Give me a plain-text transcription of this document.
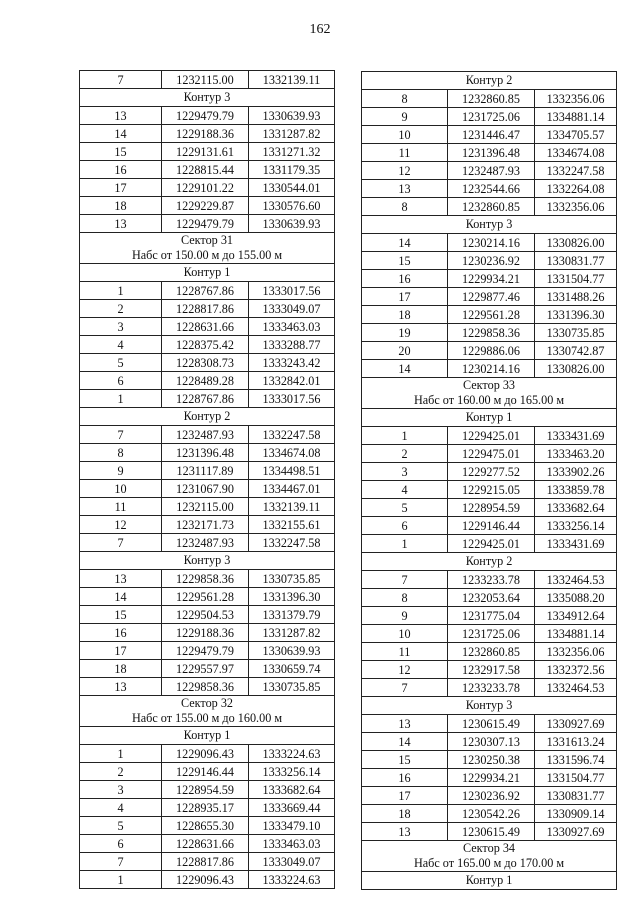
162
7	1232115.00	1332139.11

Контур 3		

13	1229479.79	1330639.93
14	1229188.36	1331287.82
15	1229131.61	1331271.32
16	1228815.44	1331179.35
17	1229101.22	1330544.01
18	1229229.87	1330576.60
13	1229479.79	1330639.93

Сектор 31
Набс от 150.00 м до 155.00 м		

Контур 1		

1	1228767.86	1333017.56
2	1228817.86	1333049.07
3	1228631.66	1333463.03
4	1228375.42	1333288.77
5	1228308.73	1333243.42
6	1228489.28	1332842.01
1	1228767.86	1333017.56

Контур 2		

7	1232487.93	1332247.58
8	1231396.48	1334674.08
9	1231117.89	1334498.51
10	1231067.90	1334467.01
11	1232115.00	1332139.11
12	1232171.73	1332155.61
7	1232487.93	1332247.58

Контур 3		

13	1229858.36	1330735.85
14	1229561.28	1331396.30
15	1229504.53	1331379.79
16	1229188.36	1331287.82
17	1229479.79	1330639.93
18	1229557.97	1330659.74
13	1229858.36	1330735.85

Сектор 32
Набс от 155.00 м до 160.00 м		

Контур 1		

1	1229096.43	1333224.63
2	1229146.44	1333256.14
3	1228954.59	1333682.64
4	1228935.17	1333669.44
5	1228655.30	1333479.10
6	1228631.66	1333463.03
7	1228817.86	1333049.07
1	1229096.43	1333224.63
Контур 2		

8	1232860.85	1332356.06
9	1231725.06	1334881.14
10	1231446.47	1334705.57
11	1231396.48	1334674.08
12	1232487.93	1332247.58
13	1232544.66	1332264.08
8	1232860.85	1332356.06

Контур 3		

14	1230214.16	1330826.00
15	1230236.92	1330831.77
16	1229934.21	1331504.77
17	1229877.46	1331488.26
18	1229561.28	1331396.30
19	1229858.36	1330735.85
20	1229886.06	1330742.87
14	1230214.16	1330826.00

Сектор 33
Набс от 160.00 м до 165.00 м		

Контур 1		

1	1229425.01	1333431.69
2	1229475.01	1333463.20
3	1229277.52	1333902.26
4	1229215.05	1333859.78
5	1228954.59	1333682.64
6	1229146.44	1333256.14
1	1229425.01	1333431.69

Контур 2		

7	1233233.78	1332464.53
8	1232053.64	1335088.20
9	1231775.04	1334912.64
10	1231725.06	1334881.14
11	1232860.85	1332356.06
12	1232917.58	1332372.56
7	1233233.78	1332464.53

Контур 3		

13	1230615.49	1330927.69
14	1230307.13	1331613.24
15	1230250.38	1331596.74
16	1229934.21	1331504.77
17	1230236.92	1330831.77
18	1230542.26	1330909.14
13	1230615.49	1330927.69

Сектор 34
Набс от 165.00 м до 170.00 м		

Контур 1		
